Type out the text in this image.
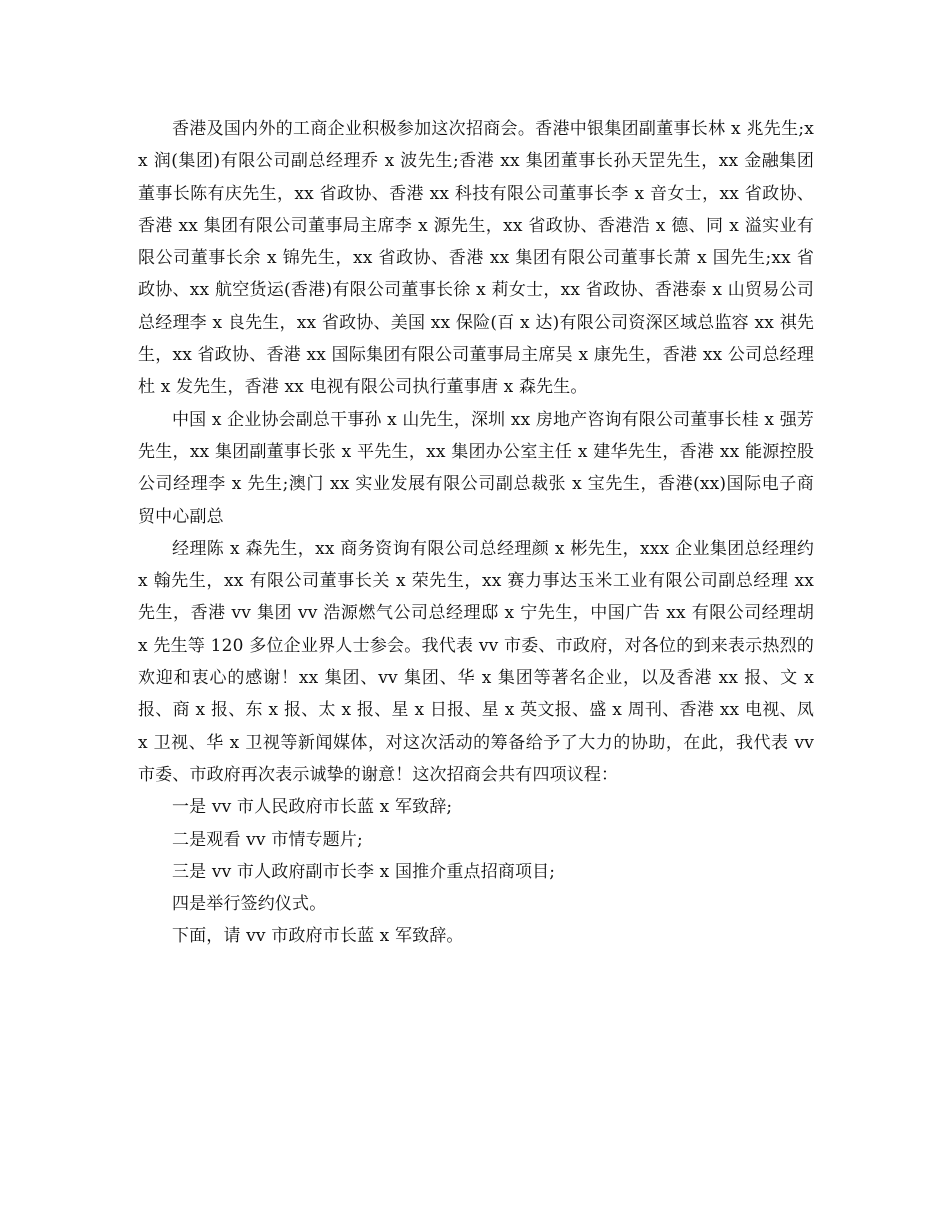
香港及国内外的工商企业积极参加这次招商会。香港中银集团副董事长林 x 兆先生;xx 润(集团)有限公司副总经理乔 x 波先生;香港 xx 集团董事长孙天罡先生，xx 金融集团董事长陈有庆先生，xx 省政协、香港 xx 科技有限公司董事长李 x 音女士，xx 省政协、香港 xx 集团有限公司董事局主席李 x 源先生，xx 省政协、香港浩 x 德、同 x 溢实业有限公司董事长余 x 锦先生，xx 省政协、香港 xx 集团有限公司董事长萧 x 国先生;xx 省政协、xx 航空货运(香港)有限公司董事长徐 x 莉女士，xx 省政协、香港泰 x 山贸易公司总经理李 x 良先生，xx 省政协、美国 xx 保险(百 x 达)有限公司资深区域总监容 xx 祺先生，xx 省政协、香港 xx 国际集团有限公司董事局主席吴 x 康先生，香港 xx 公司总经理杜 x 发先生，香港 xx 电视有限公司执行董事唐 x 森先生。

中国 x 企业协会副总干事孙 x 山先生，深圳 xx 房地产咨询有限公司董事长桂 x 强芳先生，xx 集团副董事长张 x 平先生，xx 集团办公室主任 x 建华先生，香港 xx 能源控股公司经理李 x 先生;澳门 xx 实业发展有限公司副总裁张 x 宝先生，香港(xx)国际电子商贸中心副总

经理陈 x 森先生，xx 商务资询有限公司总经理颜 x 彬先生，xxx 企业集团总经理约 x 翰先生，xx 有限公司董事长关 x 荣先生，xx 赛力事达玉米工业有限公司副总经理 xx 先生，香港 vv 集团 vv 浩源燃气公司总经理邸 x 宁先生，中国广告 xx 有限公司经理胡 x 先生等 120 多位企业界人士参会。我代表 vv 市委、市政府，对各位的到来表示热烈的欢迎和衷心的感谢！xx 集团、vv 集团、华 x 集团等著名企业，以及香港 xx 报、文 x 报、商 x 报、东 x 报、太 x 报、星 x 日报、星 x 英文报、盛 x 周刊、香港 xx 电视、凤 x 卫视、华 x 卫视等新闻媒体，对这次活动的筹备给予了大力的协助，在此，我代表 vv 市委、市政府再次表示诚挚的谢意！这次招商会共有四项议程：

一是 vv 市人民政府市长蓝 x 军致辞;

二是观看 vv 市情专题片;

三是 vv 市人政府副市长李 x 国推介重点招商项目;

四是举行签约仪式。

下面，请 vv 市政府市长蓝 x 军致辞。
